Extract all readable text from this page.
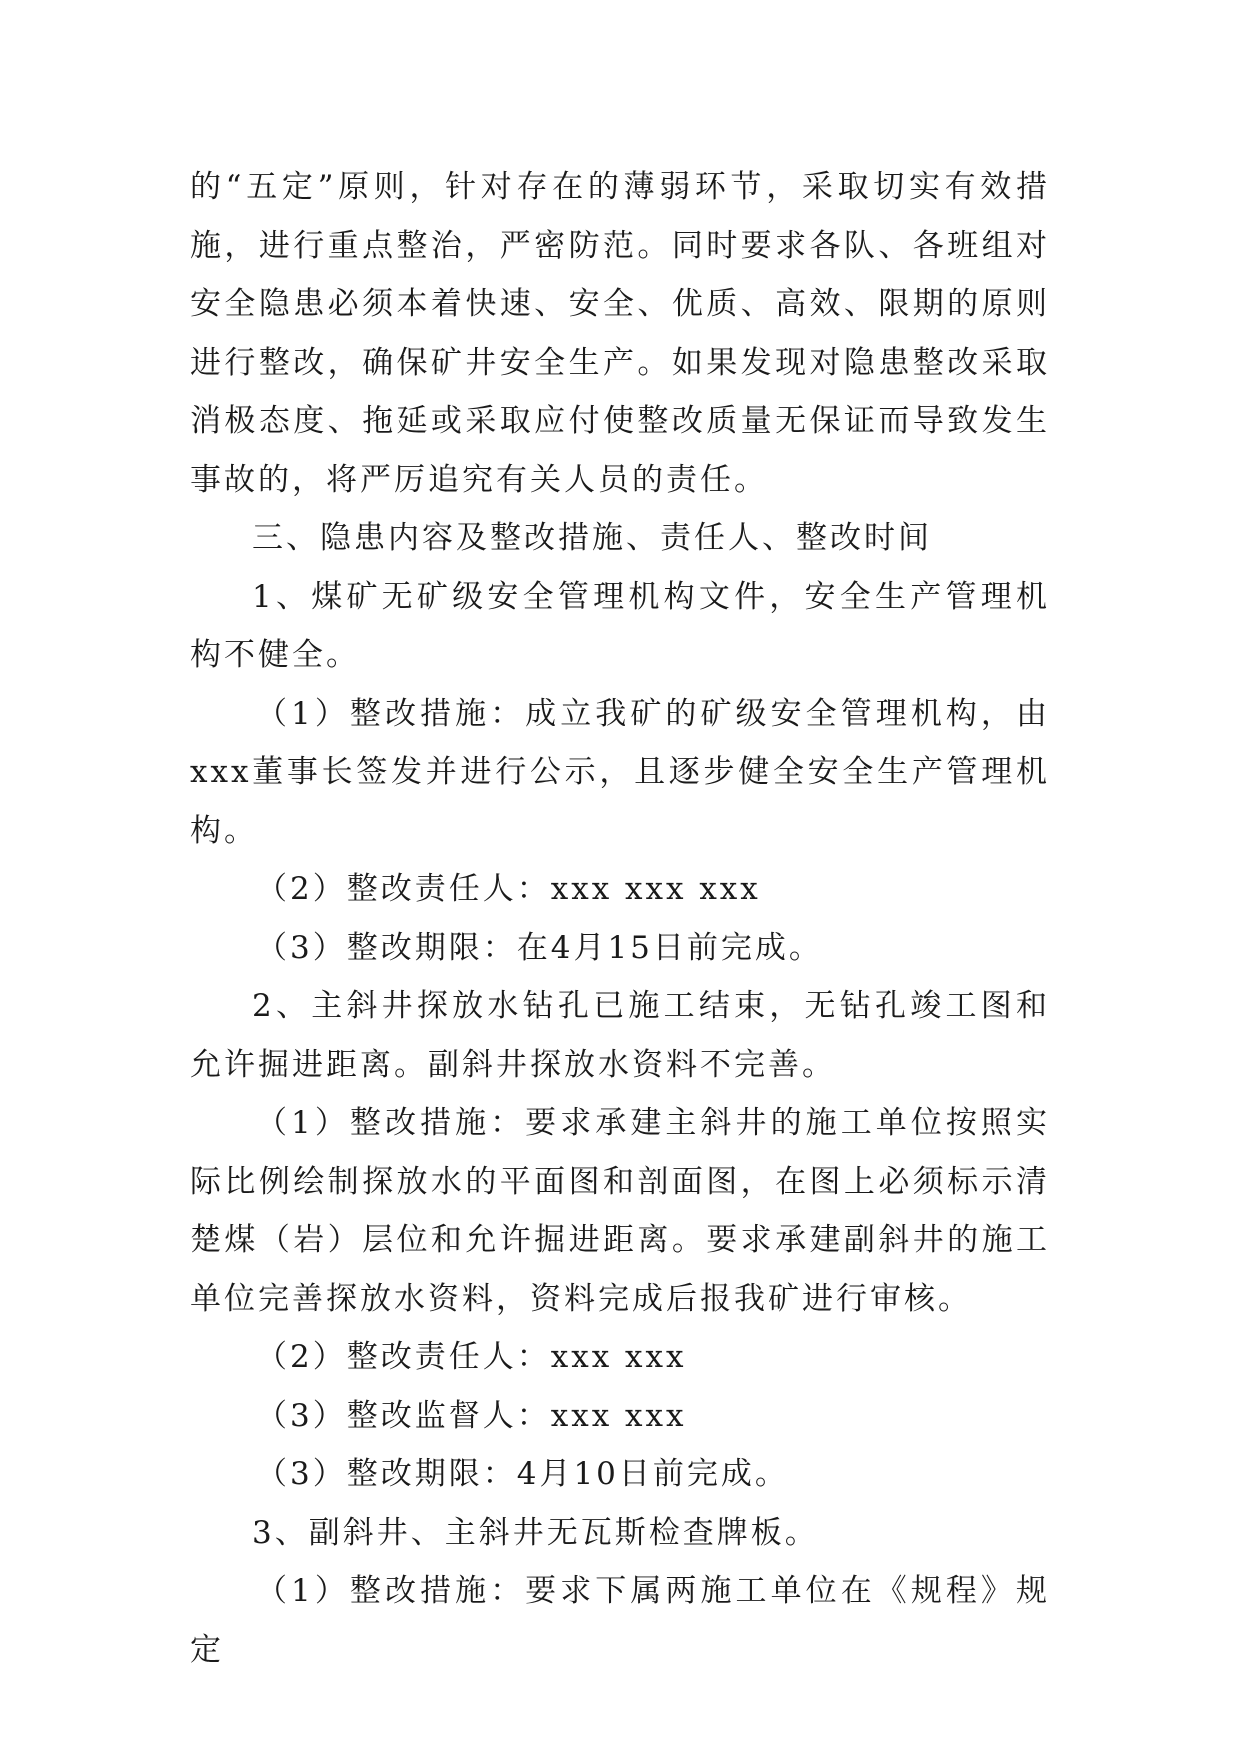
的“五定”原则，针对存在的薄弱环节，采取切实有效措施，进行重点整治，严密防范。同时要求各队、各班组对安全隐患必须本着快速、安全、优质、高效、限期的原则进行整改，确保矿井安全生产。如果发现对隐患整改采取消极态度、拖延或采取应付使整改质量无保证而导致发生事故的，将严厉追究有关人员的责任。

三、隐患内容及整改措施、责任人、整改时间

1、煤矿无矿级安全管理机构文件，安全生产管理机构不健全。

（1）整改措施：成立我矿的矿级安全管理机构，由xxx董事长签发并进行公示，且逐步健全安全生产管理机构。

（2）整改责任人：xxx xxx xxx

（3）整改期限：在4月15日前完成。

2、主斜井探放水钻孔已施工结束，无钻孔竣工图和允许掘进距离。副斜井探放水资料不完善。

（1）整改措施：要求承建主斜井的施工单位按照实际比例绘制探放水的平面图和剖面图，在图上必须标示清楚煤（岩）层位和允许掘进距离。要求承建副斜井的施工单位完善探放水资料，资料完成后报我矿进行审核。

（2）整改责任人：xxx xxx

（3）整改监督人：xxx xxx

（3）整改期限：4月10日前完成。

3、副斜井、主斜井无瓦斯检查牌板。

（1）整改措施：要求下属两施工单位在《规程》规定
